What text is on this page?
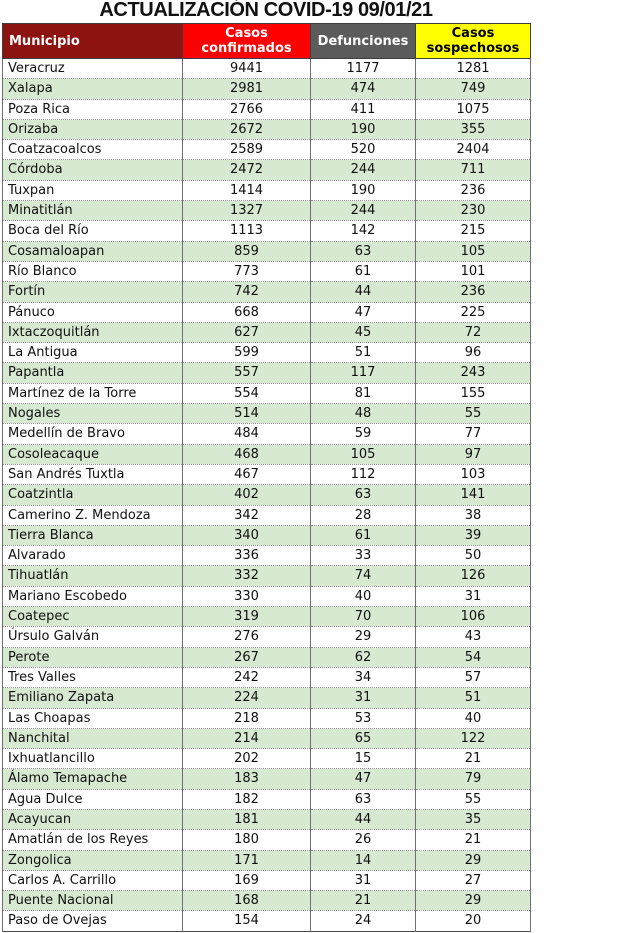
ACTUALIZACIÓN COVID-19 09/01/21
Municipio	Casos confirmados	Defunciones	Casos sospechosos
Veracruz	9441	1177	1281
Xalapa	2981	474	749
Poza Rica	2766	411	1075
Orizaba	2672	190	355
Coatzacoalcos	2589	520	2404
Córdoba	2472	244	711
Tuxpan	1414	190	236
Minatitlán	1327	244	230
Boca del Río	1113	142	215
Cosamaloapan	859	63	105
Río Blanco	773	61	101
Fortín	742	44	236
Pánuco	668	47	225
Ixtaczoquitlán	627	45	72
La Antigua	599	51	96
Papantla	557	117	243
Martínez de la Torre	554	81	155
Nogales	514	48	55
Medellín de Bravo	484	59	77
Cosoleacaque	468	105	97
San Andrés Tuxtla	467	112	103
Coatzintla	402	63	141
Camerino Z. Mendoza	342	28	38
Tierra Blanca	340	61	39
Alvarado	336	33	50
Tihuatlán	332	74	126
Mariano Escobedo	330	40	31
Coatepec	319	70	106
Úrsulo Galván	276	29	43
Perote	267	62	54
Tres Valles	242	34	57
Emiliano Zapata	224	31	51
Las Choapas	218	53	40
Nanchital	214	65	122
Ixhuatlancillo	202	15	21
Álamo Temapache	183	47	79
Agua Dulce	182	63	55
Acayucan	181	44	35
Amatlán de los Reyes	180	26	21
Zongolica	171	14	29
Carlos A. Carrillo	169	31	27
Puente Nacional	168	21	29
Paso de Ovejas	154	24	20
